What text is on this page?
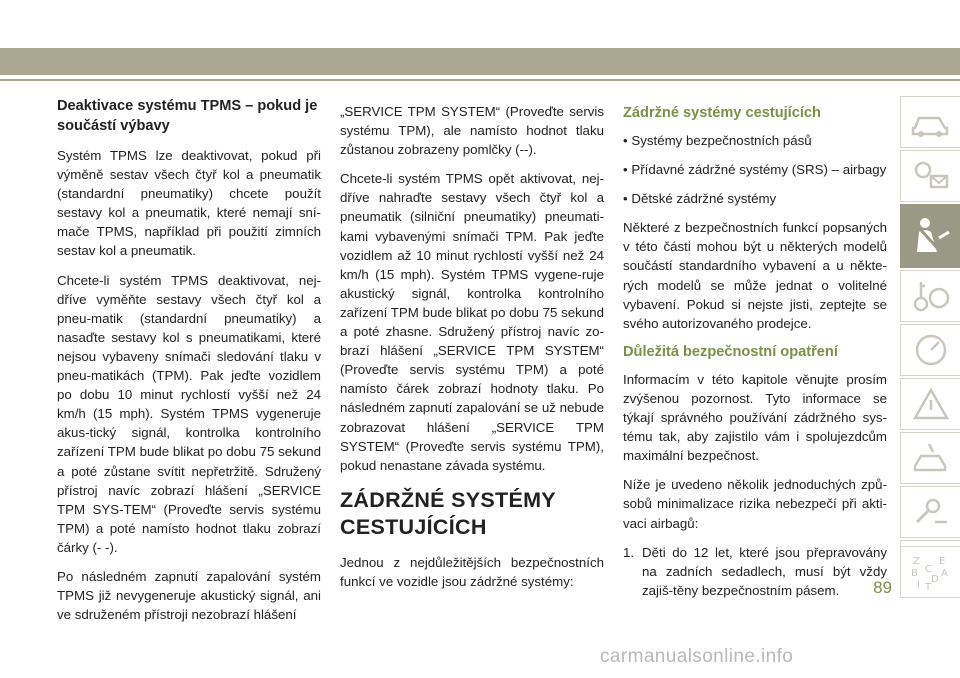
Deaktivace systému TPMS – pokud je součástí výbavy

Systém TPMS lze deaktivovat, pokud při výměně sestav všech čtyř kol a pneumatik (standardní pneumatiky) chcete použít sestavy kol a pneumatik, které nemají sní-mače TPMS, například při použití zimních sestav kol a pneumatik.

Chcete-li systém TPMS deaktivovat, nej-dříve vyměňte sestavy všech čtyř kol a pneu-matik (standardní pneumatiky) a nasaďte sestavy kol s pneumatikami, které nejsou vybaveny snímači sledování tlaku v pneu-matikách (TPM). Pak jeďte vozidlem po dobu 10 minut rychlostí vyšší než 24 km/h (15 mph). Systém TPMS vygeneruje akus-tický signál, kontrolka kontrolního zařízení TPM bude blikat po dobu 75 sekund a poté zůstane svítit nepřetržitě. Sdružený přístroj navíc zobrazí hlášení „SERVICE TPM SYS-TEM“ (Proveďte servis systému TPM) a poté namísto hodnot tlaku zobrazí čárky (- -).

Po následném zapnutí zapalování systém TPMS již nevygeneruje akustický signál, ani ve sdruženém přístroji nezobrazí hlášení

„SERVICE TPM SYSTEM“ (Proveďte servis systému TPM), ale namísto hodnot tlaku zůstanou zobrazeny pomlčky (--).

Chcete-li systém TPMS opět aktivovat, nej-dříve nahraďte sestavy všech čtyř kol a pneumatik (silniční pneumatiky) pneumati-kami vybavenými snímači TPM. Pak jeďte vozidlem až 10 minut rychlostí vyšší než 24 km/h (15 mph). Systém TPMS vygene-ruje akustický signál, kontrolka kontrolního zařízení TPM bude blikat po dobu 75 sekund a poté zhasne. Sdružený přístroj navíc zo-brazí hlášení „SERVICE TPM SYSTEM“ (Proveďte servis systému TPM) a poté namísto čárek zobrazí hodnoty tlaku. Po následném zapnutí zapalování se už nebude zobrazovat hlášení „SERVICE TPM SYSTEM“ (Proveďte servis systému TPM), pokud nenastane závada systému.

ZÁDRŽNÉ SYSTÉMY CESTUJÍCÍCH

Jednou z nejdůležitějších bezpečnostních funkcí ve vozidle jsou zádržné systémy:

Zádržné systémy cestujících

• Systémy bezpečnostních pásů

• Přídavné zádržné systémy (SRS) – airbagy

• Dětské zádržné systémy

Některé z bezpečnostních funkcí popsaných v této části mohou být u některých modelů součástí standardního vybavení a u někte-rých modelů se může jednat o volitelné vybavení. Pokud si nejste jisti, zeptejte se svého autorizovaného prodejce.

Důležitá bezpečnostní opatření

Informacím v této kapitole věnujte prosím zvýšenou pozornost. Tyto informace se týkají správného používání zádržného sys-tému tak, aby zajistilo vám i spolujezdcům maximální bezpečnost.

Níže je uvedeno několik jednoduchých způ-sobů minimalizace rizika nebezpečí při akti-vaci airbagů:

1. Děti do 12 let, které jsou přepravovány na zadních sedadlech, musí být vždy zajiš-těny bezpečnostním pásem.
Z E
B A
C
D
I T
89
carmanualsonline.info
